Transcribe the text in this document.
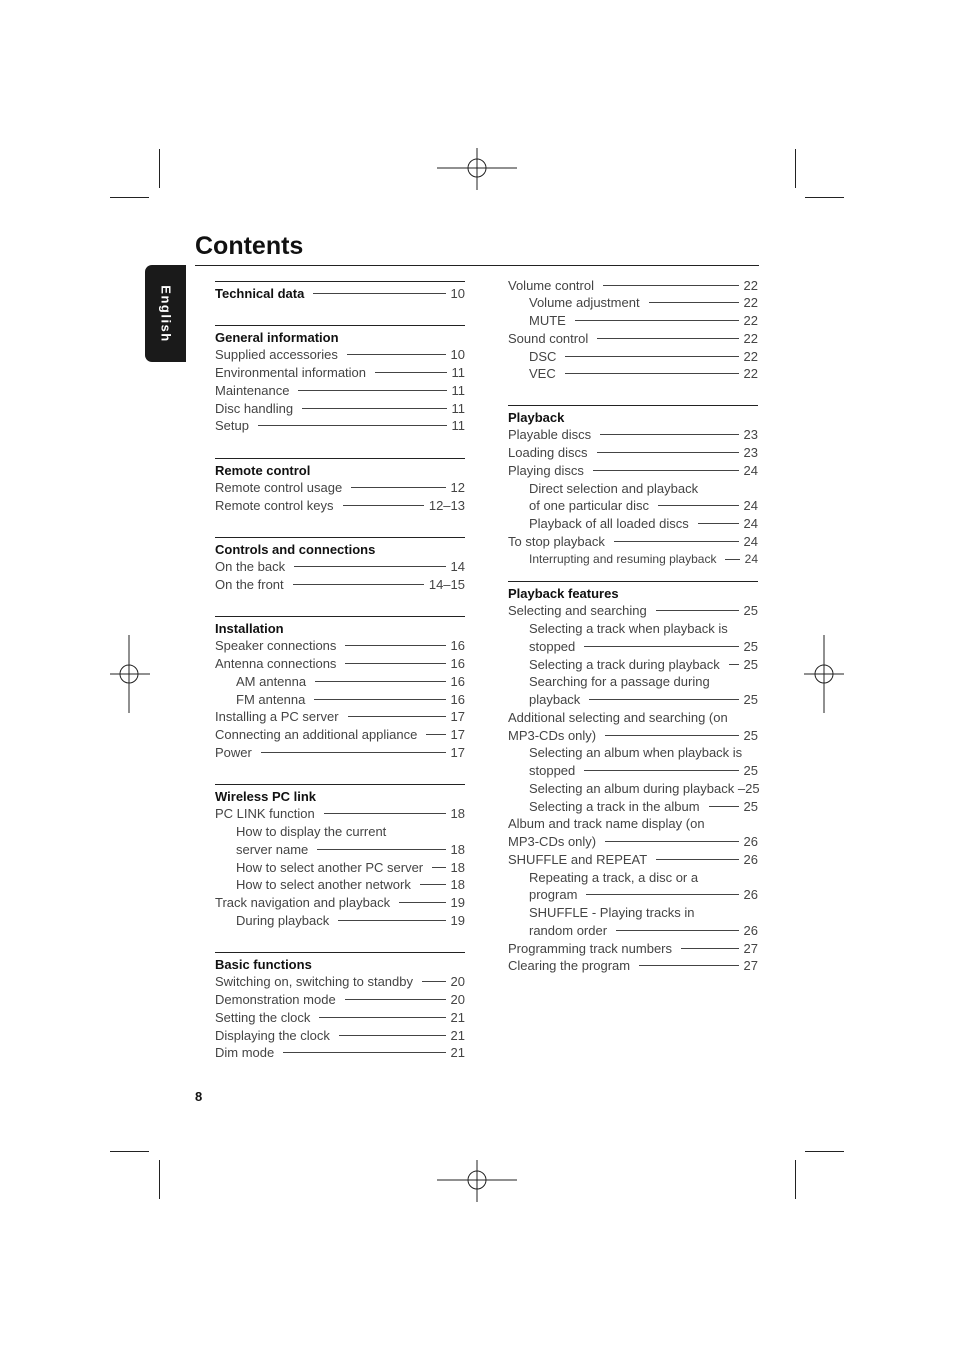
English
Contents
Technical data	10
General information
Supplied accessories	10
Environmental information	11
Maintenance	11
Disc handling	11
Setup	11
Remote control
Remote control usage	12
Remote control keys	12–13
Controls and connections
On the back	14
On the front	14–15
Installation
Speaker connections	16
Antenna connections	16
AM antenna	16
FM antenna	16
Installing a PC server	17
Connecting an additional appliance	17
Power	17
Wireless PC link
PC LINK function	18
How to display the current
server name	18
How to select another PC server 18
How to select another network	18
Track navigation and playback	19
During playback	19
Basic functions
Switching on, switching to standby	20
Demonstration mode	20
Setting the clock	21
Displaying the clock	21
Dim mode	21
Volume control	22
Volume adjustment	22
MUTE	22
Sound control	22
DSC	22
VEC	22
Playback
Playable discs	23
Loading discs	23
Playing discs	24
Direct selection and playback
of one particular disc	24
Playback of all loaded discs	24
To stop playback	24
Interrupting and resuming playback 24
Playback features
Selecting and searching	25
Selecting a track when playback is
stopped	25
Selecting a track during playback 25
Searching for a passage during
playback	25
Additional selecting and searching (on
MP3-CDs only)	25
Selecting an album when playback is
stopped	25
Selecting an album during playback – 25
Selecting a track in the album	25
Album and track name display (on
MP3-CDs only)	26
SHUFFLE and REPEAT	26
Repeating a track, a disc or a
program	26
SHUFFLE - Playing tracks in
random order	26
Programming track numbers	27
Clearing the program	27
8
